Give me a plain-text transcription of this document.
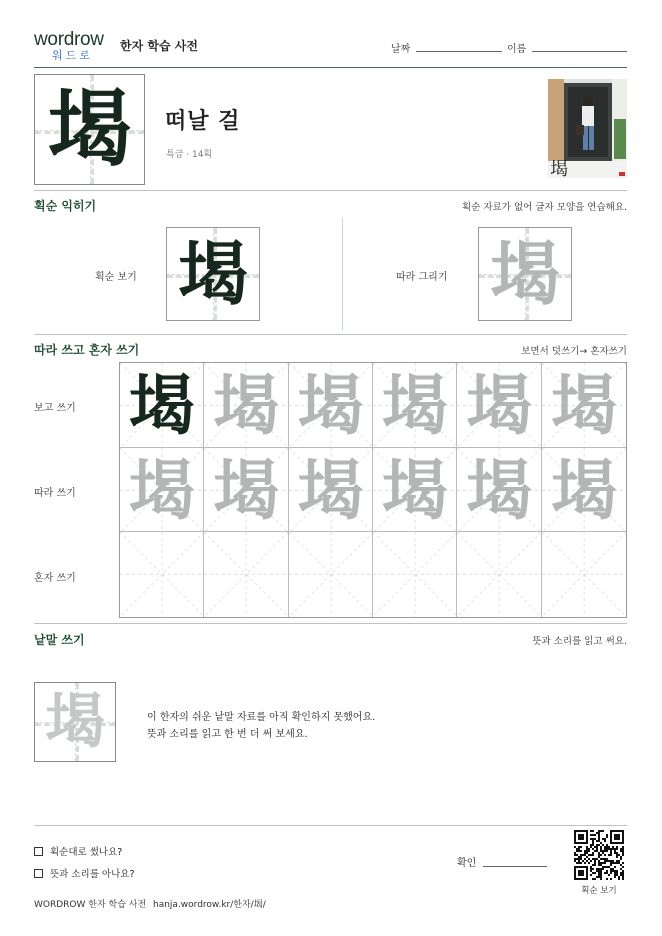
wordrow
워드로
한자 학습 사전	날짜	이름
堨	떠날 걸
특급 · 14획
堨
획순 익히기	획순 자료가 없어 글자 모양을 연습해요.
획순 보기 堨	따라 그리기 堨
따라 쓰고 혼자 쓰기	보면서 덧쓰기→ 혼자쓰기
보고 쓰기
따라 쓰기
혼자 쓰기
堨 堨 堨 堨 堨 堨
堨 堨 堨 堨 堨 堨
낱말 쓰기	뜻과 소리를 읽고 써요.
堨	이 한자의 쉬운 낱말 자료를 아직 확인하지 못했어요.
뜻과 소리를 읽고 한 번 더 써 보세요.
획순대로 썼나요?
뜻과 소리를 아나요?
확인
획순 보기
WORDROW 한자 학습 사전 hanja.wordrow.kr/한자/堨/
